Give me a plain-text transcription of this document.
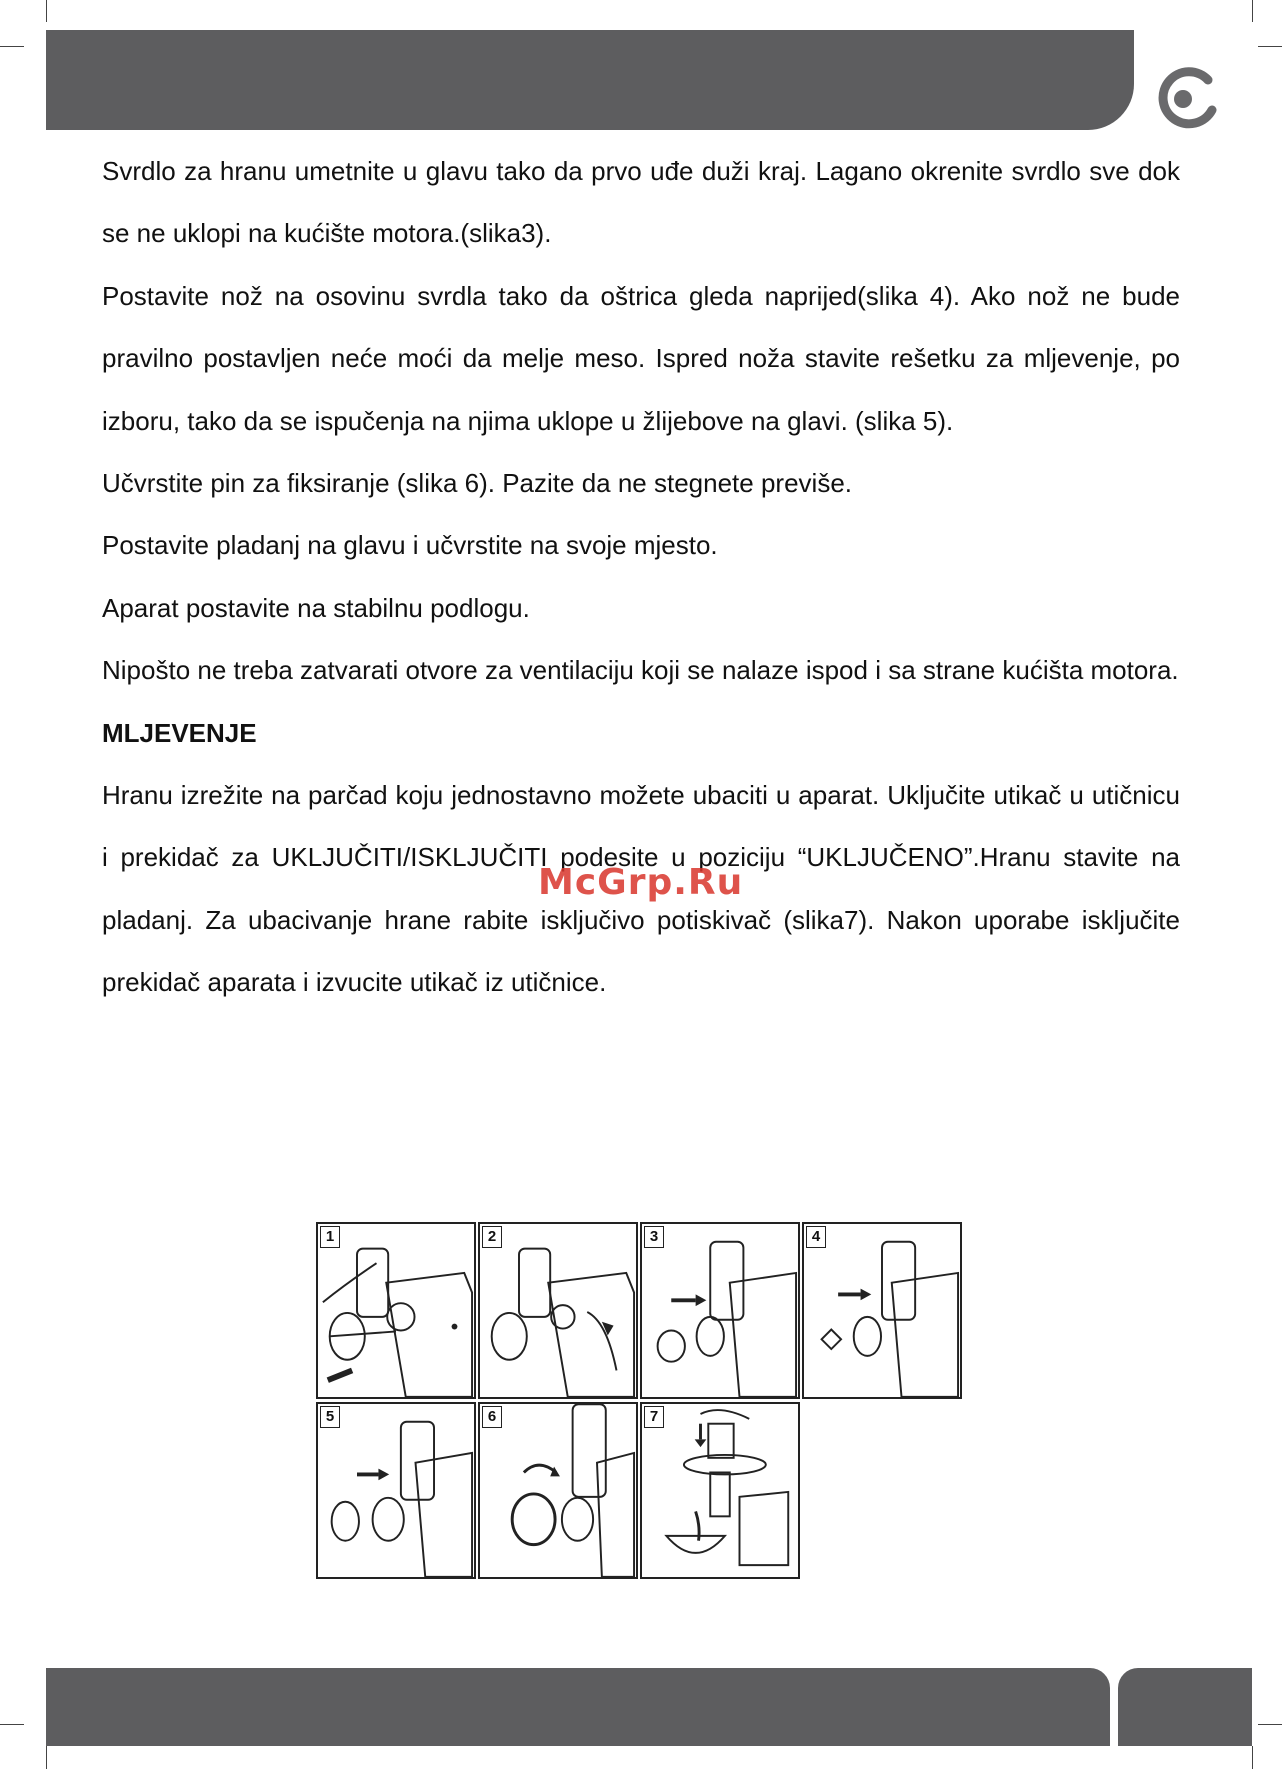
Svrdlo za hranu umetnite u glavu tako da prvo uđe duži kraj. Lagano okrenite svrdlo sve dok se ne uklopi na kućište motora.(slika3).

Postavite nož na osovinu svrdla tako da oštrica gleda naprijed(slika 4). Ako nož ne bude pravilno postavljen neće moći da melje meso. Ispred noža stavite rešetku za mljevenje, po izboru, tako da se ispučenja na njima uklope u žlijebove na glavi. (slika 5).

Učvrstite pin za fiksiranje (slika 6). Pazite da ne stegnete previše.

Postavite pladanj na glavu i učvrstite na svoje mjesto.

Aparat postavite na stabilnu podlogu.

Nipošto ne treba zatvarati otvore za ventilaciju koji se nalaze ispod i sa strane kućišta motora.

MLJEVENJE

Hranu izrežite na parčad koju jednostavno možete ubaciti u aparat. Uključite utikač u utičnicu i prekidač za UKLJUČITI/ISKLJUČITI podesite u poziciju “UKLJUČENO”.Hranu stavite na pladanj. Za ubacivanje hrane rabite isključivo potiskivač (slika7). Nakon uporabe isključite prekidač aparata i izvucite utikač iz utičnice.

McGrp.Ru
1	2	3	4
5	6	7
